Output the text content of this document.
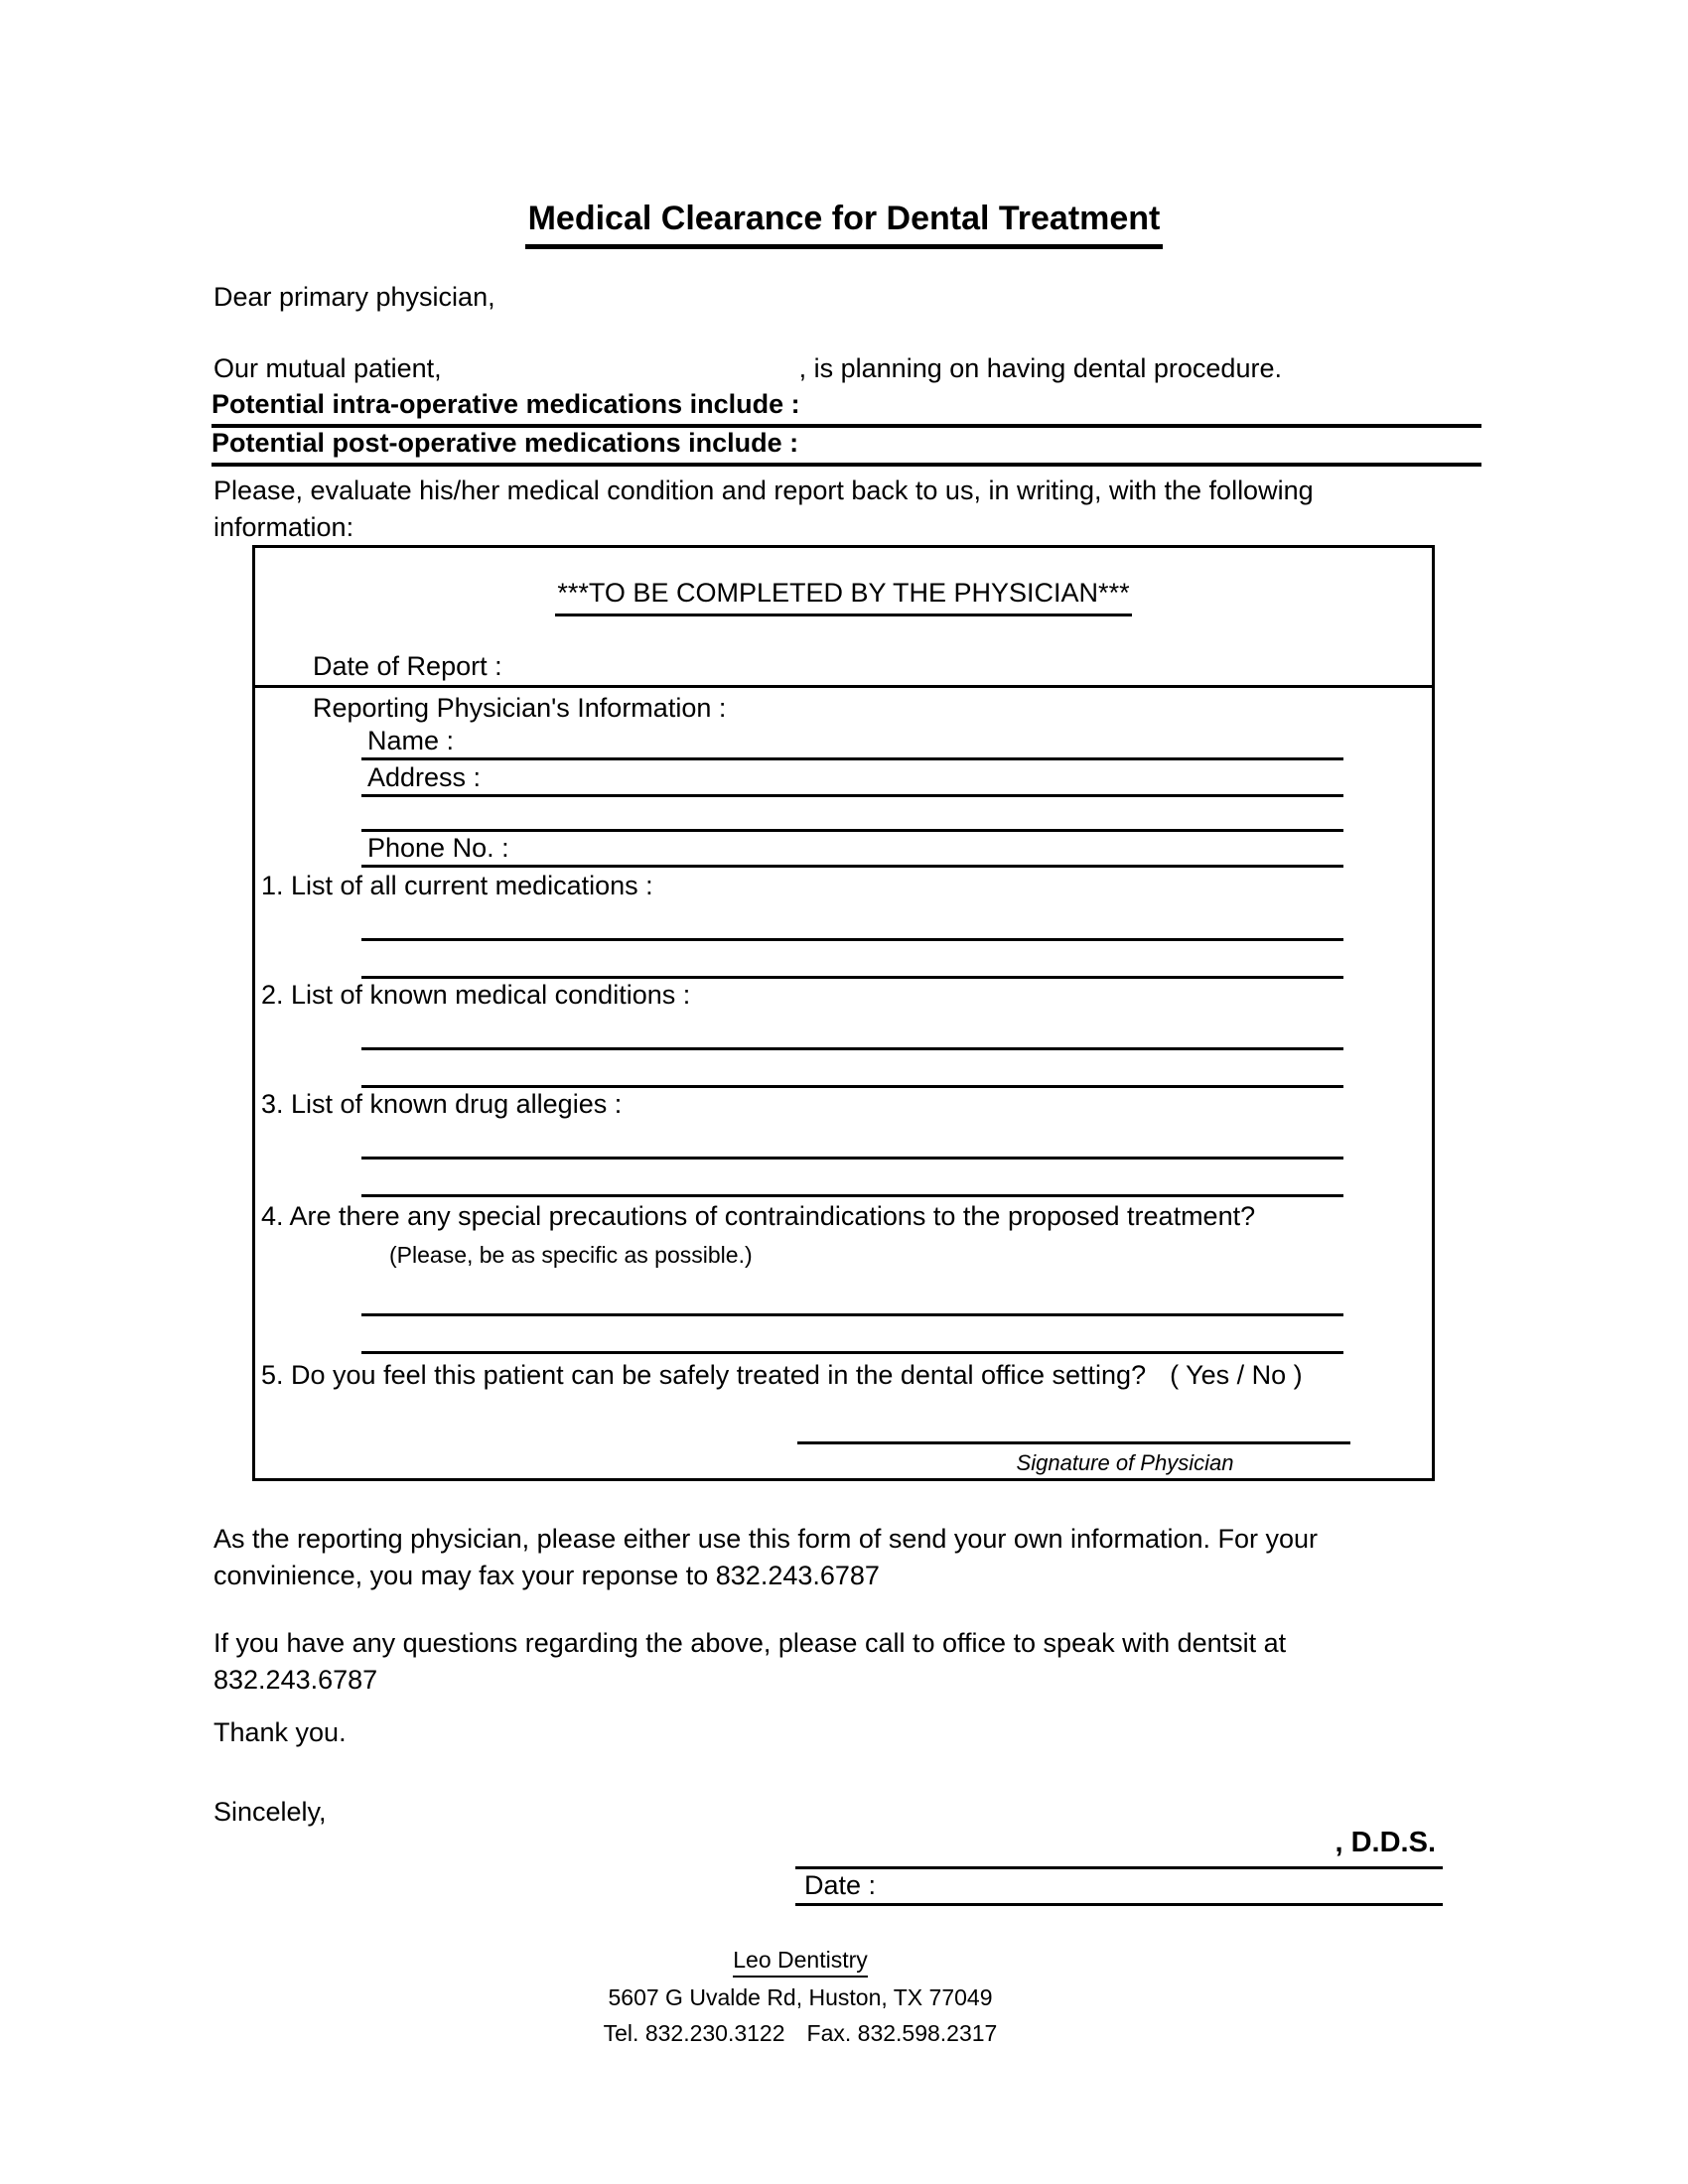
Medical Clearance for Dental Treatment
Dear primary physician,
Our mutual patient,	, is planning on having dental procedure.
Potential intra-operative medications include :
Potential post-operative medications include :
Please, evaluate his/her medical condition and report back to us, in writing, with the following
information:
***TO BE COMPLETED BY THE PHYSICIAN***
Date of Report :
Reporting Physician's Information :
Name :
Address :
Phone No. :
1. List of all current medications :
2. List of known medical conditions :
3. List of known drug allegies :
4. Are there any special precautions of contraindications to the proposed treatment?
(Please, be as specific as possible.)
5. Do you feel this patient can be safely treated in the dental office setting? ( Yes / No )
Signature of Physician
As the reporting physician, please either use this form of send your own information. For your
convinience, you may fax your reponse to 832.243.6787
If you have any questions regarding the above, please call to office to speak with dentsit at
832.243.6787
Thank you.
Sincelely,
, D.D.S.
Date :
Leo Dentistry
5607 G Uvalde Rd, Huston, TX 77049
Tel. 832.230.3122 Fax. 832.598.2317
